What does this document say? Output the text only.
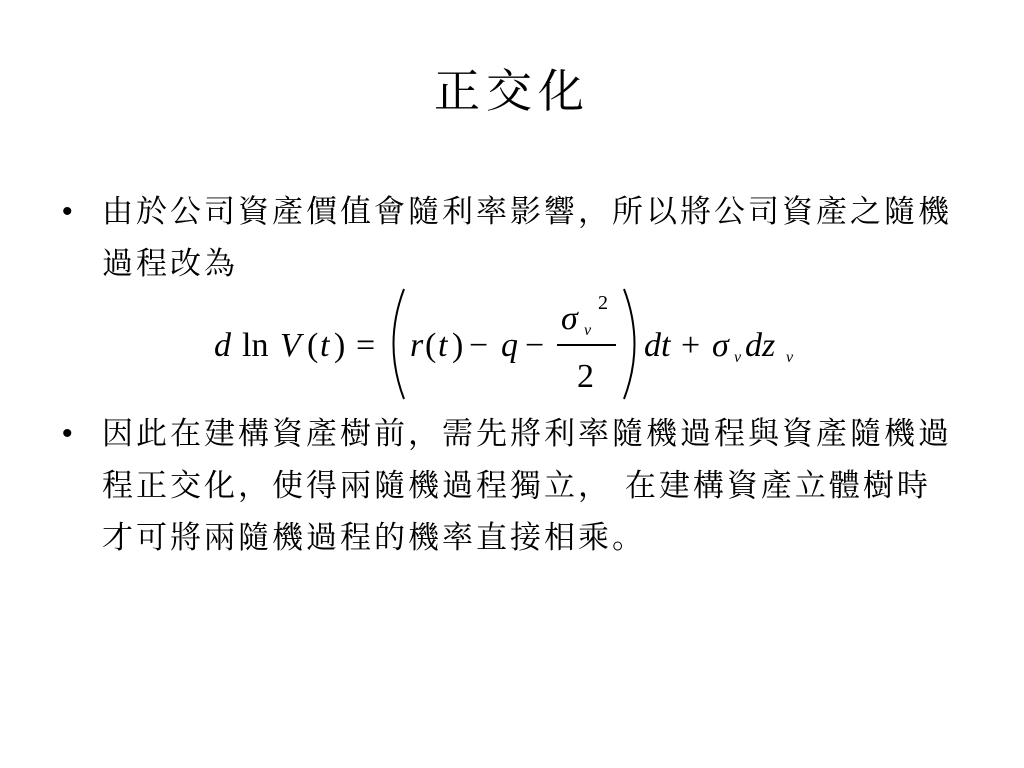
正交化
• 由於公司資產價值會隨利率影響，所以將公司資產之隨機過程改為
d ln V ( t ) = r ( t ) − q −
σ v
2
2
dt + σ v dz v
• 因此在建構資產樹前，需先將利率隨機過程與資產隨機過程正交化，使得兩隨機過程獨立， 在建構資產立體樹時才可將兩隨機過程的機率直接相乘。
